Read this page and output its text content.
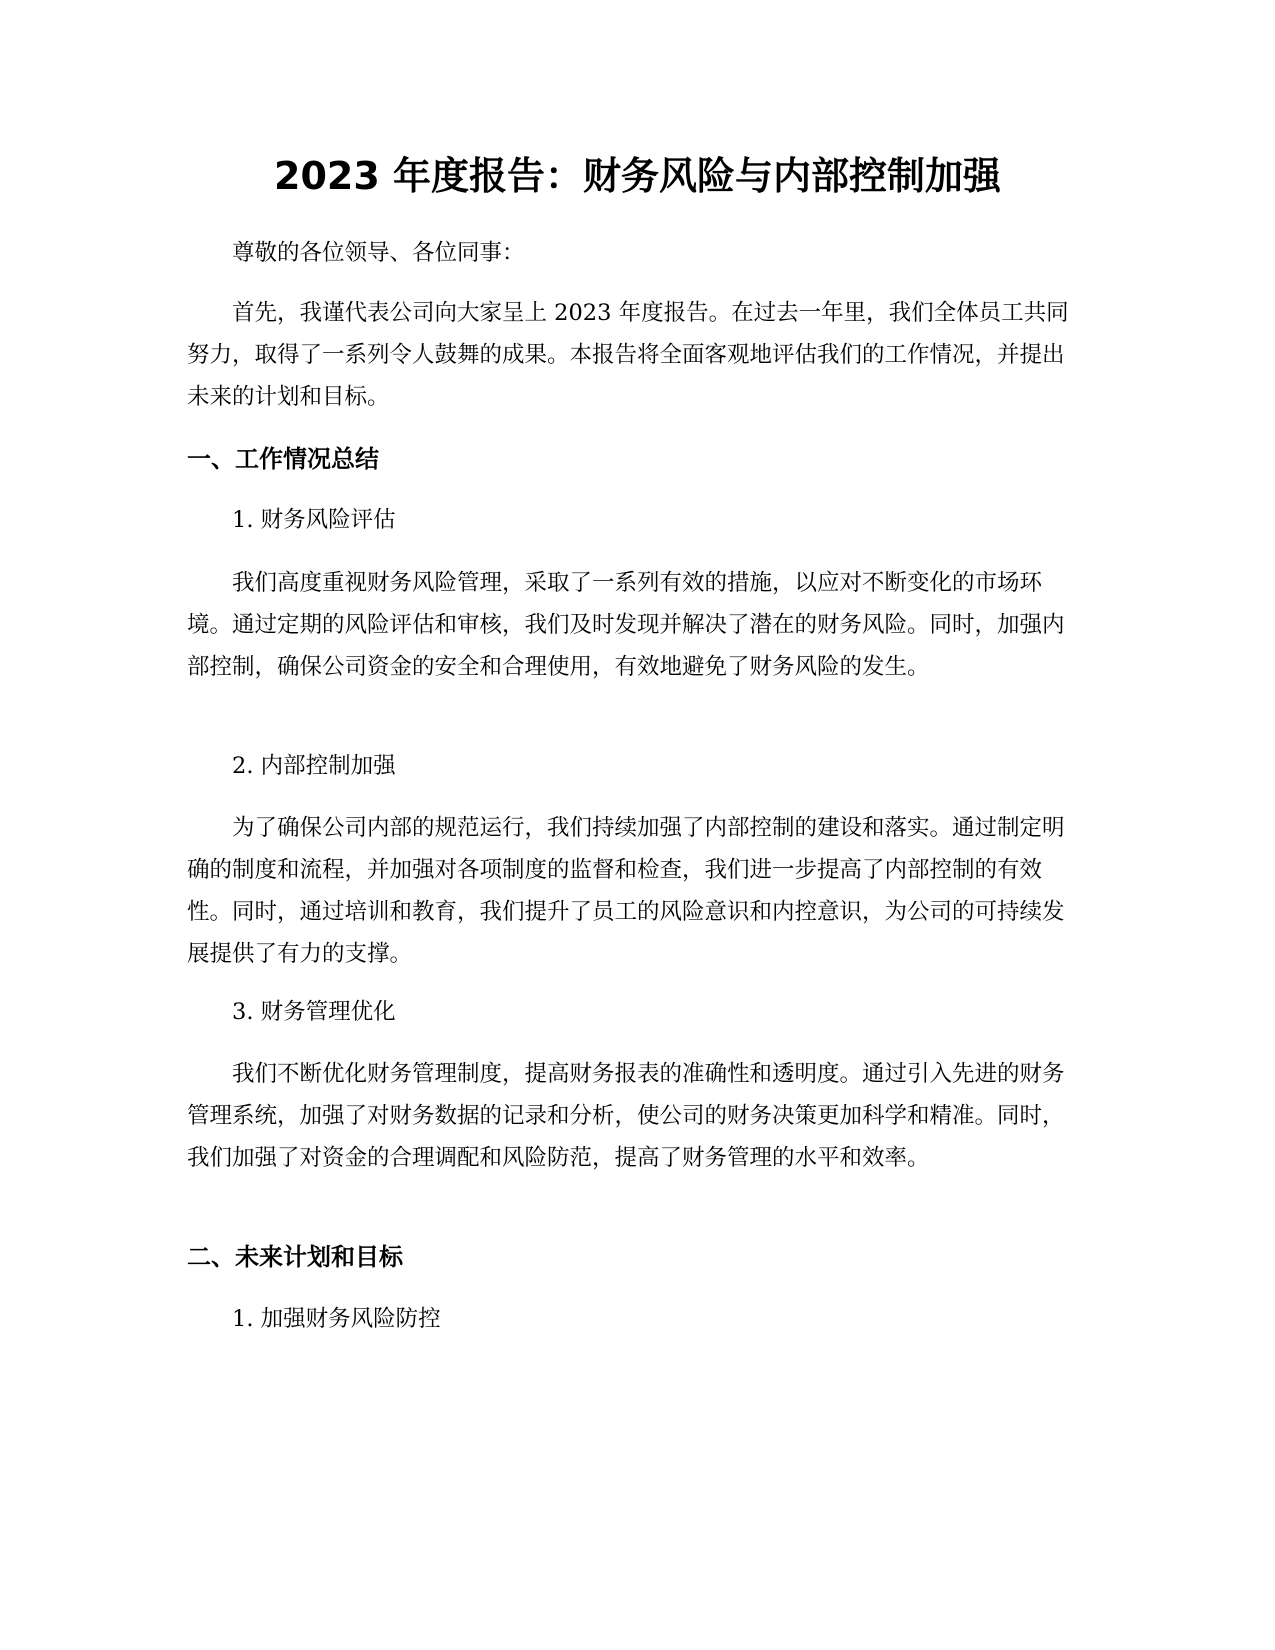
2023 年度报告：财务风险与内部控制加强

尊敬的各位领导、各位同事：

首先，我谨代表公司向大家呈上 2023 年度报告。在过去一年里，我们全体员工共同努力，取得了一系列令人鼓舞的成果。本报告将全面客观地评估我们的工作情况，并提出未来的计划和目标。

一、工作情况总结

1. 财务风险评估

我们高度重视财务风险管理，采取了一系列有效的措施，以应对不断变化的市场环境。通过定期的风险评估和审核，我们及时发现并解决了潜在的财务风险。同时，加强内部控制，确保公司资金的安全和合理使用，有效地避免了财务风险的发生。

2. 内部控制加强

为了确保公司内部的规范运行，我们持续加强了内部控制的建设和落实。通过制定明确的制度和流程，并加强对各项制度的监督和检查，我们进一步提高了内部控制的有效性。同时，通过培训和教育，我们提升了员工的风险意识和内控意识，为公司的可持续发展提供了有力的支撑。

3. 财务管理优化

我们不断优化财务管理制度，提高财务报表的准确性和透明度。通过引入先进的财务管理系统，加强了对财务数据的记录和分析，使公司的财务决策更加科学和精准。同时，我们加强了对资金的合理调配和风险防范，提高了财务管理的水平和效率。

二、未来计划和目标

1. 加强财务风险防控
